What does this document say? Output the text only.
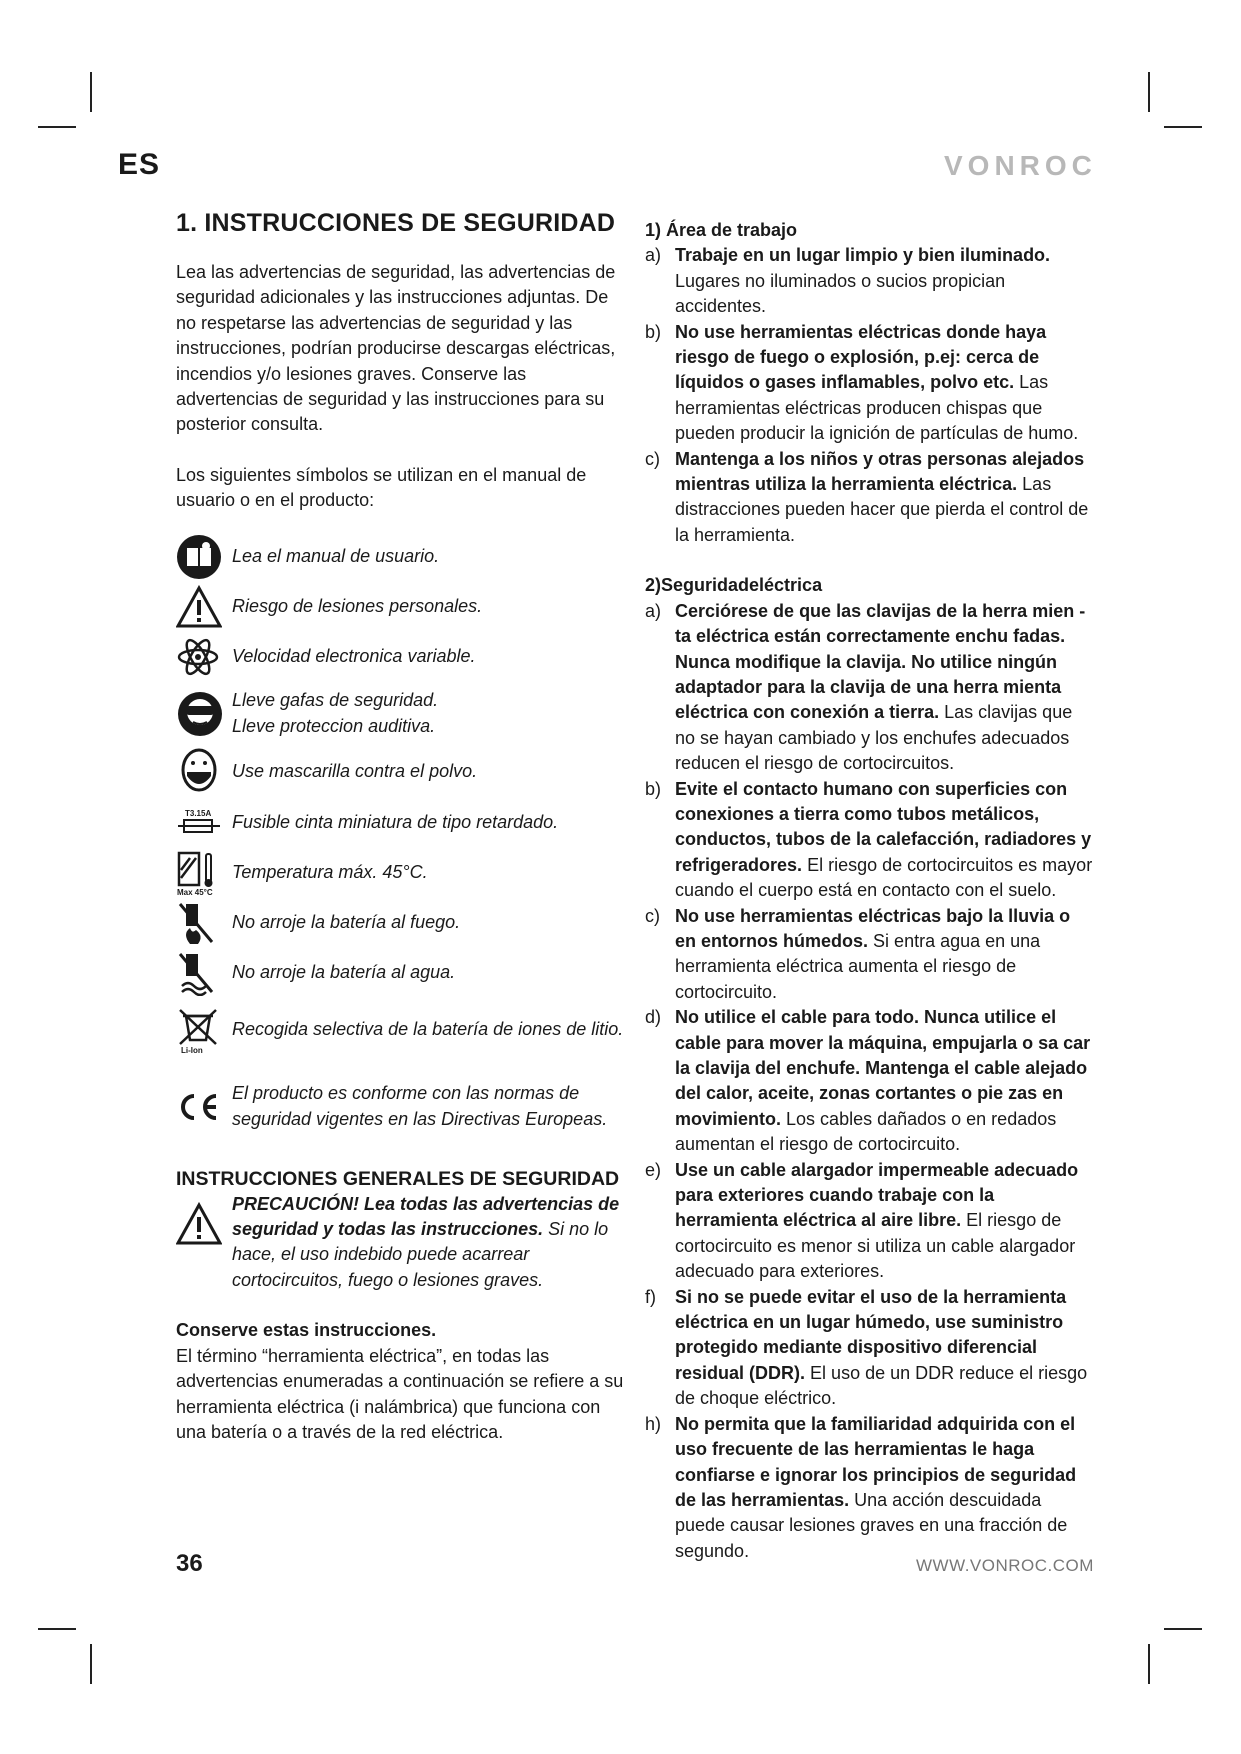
ES	VONROC
1. INSTRUCCIONES DE SEGURIDAD

Lea las advertencias de seguridad, las advertencias de seguridad adicionales y las instrucciones adjuntas. De no respetarse las advertencias de seguridad y las instrucciones, podrían producirse descargas eléctricas, incendios y/o lesiones graves. Conserve las advertencias de seguridad y las instrucciones para su posterior consulta.

Los siguientes símbolos se utilizan en el manual de usuario o en el producto:

Lea el manual de usuario.
Riesgo de lesiones personales.
Velocidad electronica variable.
Lleve gafas de seguridad.
Lleve proteccion auditiva.
Use mascarilla contra el polvo.
T3.15A Fusible cinta miniatura de tipo retardado.
Max 45°C
Temperatura máx. 45°C.
No arroje la batería al fuego.
No arroje la batería al agua.
Li-Ion
Recogida selectiva de la batería de iones de litio.
El producto es conforme con las normas de seguridad vigentes en las Directivas Europeas.
INSTRUCCIONES GENERALES DE SEGURIDAD
PRECAUCIÓN! Lea todas las advertencias de seguridad y todas las instrucciones. Si no lo hace, el uso indebido puede acarrear cortocircuitos, fuego o lesiones graves.
Conserve estas instrucciones.
El término “herramienta eléctrica”, en todas las advertencias enumeradas a continuación se refiere a su herramienta eléctrica (i nalámbrica) que funciona con una batería o a través de la red eléctrica.
1) Área de trabajo
a) Trabaje en un lugar limpio y bien iluminado. Lugares no iluminados o sucios propician accidentes.
b) No use herramientas eléctricas donde haya riesgo de fuego o explosión, p.ej: cerca de líquidos o gases inflamables, polvo etc. Las herramientas eléctricas producen chispas que pueden producir la ignición de partículas de humo.
c) Mantenga a los niños y otras personas alejados mientras utiliza la herramienta eléctrica. Las distracciones pueden hacer que pierda el control de la herramienta.
2)Seguridadeléctrica
a) Cerciórese de que las clavijas de la herra mien - ta eléctrica están correctamente enchu fadas. Nunca modifique la clavija. No utilice ningún adaptador para la clavija de una herra mienta eléctrica con conexión a tierra. Las clavijas que no se hayan cambiado y los enchufes adecuados reducen el riesgo de cortocircuitos.
b) Evite el contacto humano con superficies con conexiones a tierra como tubos metálicos, conductos, tubos de la calefacción, radiadores y refrigeradores. El riesgo de cortocircuitos es mayor cuando el cuerpo está en contacto con el suelo.
c) No use herramientas eléctricas bajo la lluvia o en entornos húmedos. Si entra agua en una herramienta eléctrica aumenta el riesgo de cortocircuito.
d) No utilice el cable para todo. Nunca utilice el cable para mover la máquina, empujarla o sa car la clavija del enchufe. Mantenga el cable alejado del calor, aceite, zonas cortantes o pie zas en movimiento. Los cables dañados o en redados aumentan el riesgo de cortocircuito.
e) Use un cable alargador impermeable adecuado para exteriores cuando trabaje con la herramienta eléctrica al aire libre. El riesgo de cortocircuito es menor si utiliza un cable alargador adecuado para exteriores.
f)	Si no se puede evitar el uso de la herramienta eléctrica en un lugar húmedo, use suministro protegido mediante dispositivo diferencial residual (DDR). El uso de un DDR reduce el riesgo de choque eléctrico.
h) No permita que la familiaridad adquirida con el uso frecuente de las herramientas le haga confiarse e ignorar los principios de seguridad de las herramientas. Una acción descuidada puede causar lesiones graves en una fracción de segundo.
36	WWW.VONROC.COM
